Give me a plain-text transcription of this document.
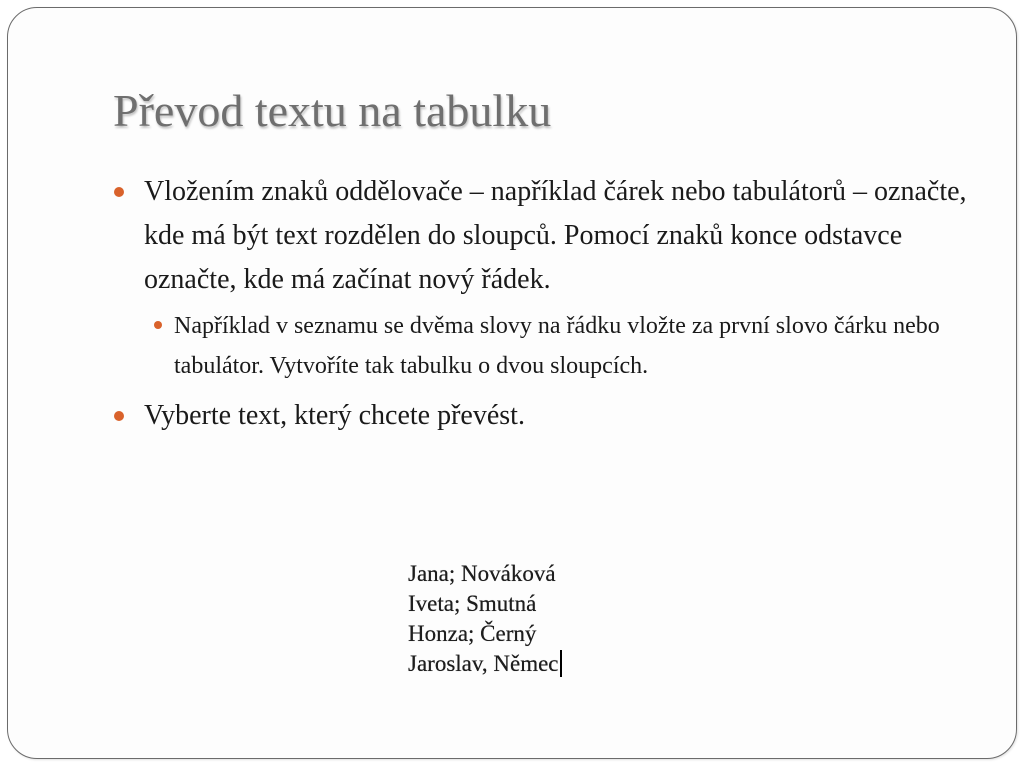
Převod textu na tabulku

Vložením znaků oddělovače – například čárek nebo tabulátorů – označte, kde má být text rozdělen do sloupců. Pomocí znaků konce odstavce označte, kde má začínat nový řádek.

Například v seznamu se dvěma slovy na řádku vložte za první slovo čárku nebo tabulátor. Vytvoříte tak tabulku o dvou sloupcích.

Vyberte text, který chcete převést.

Jana; Nováková
Iveta; Smutná
Honza; Černý
Jaroslav, Němec
